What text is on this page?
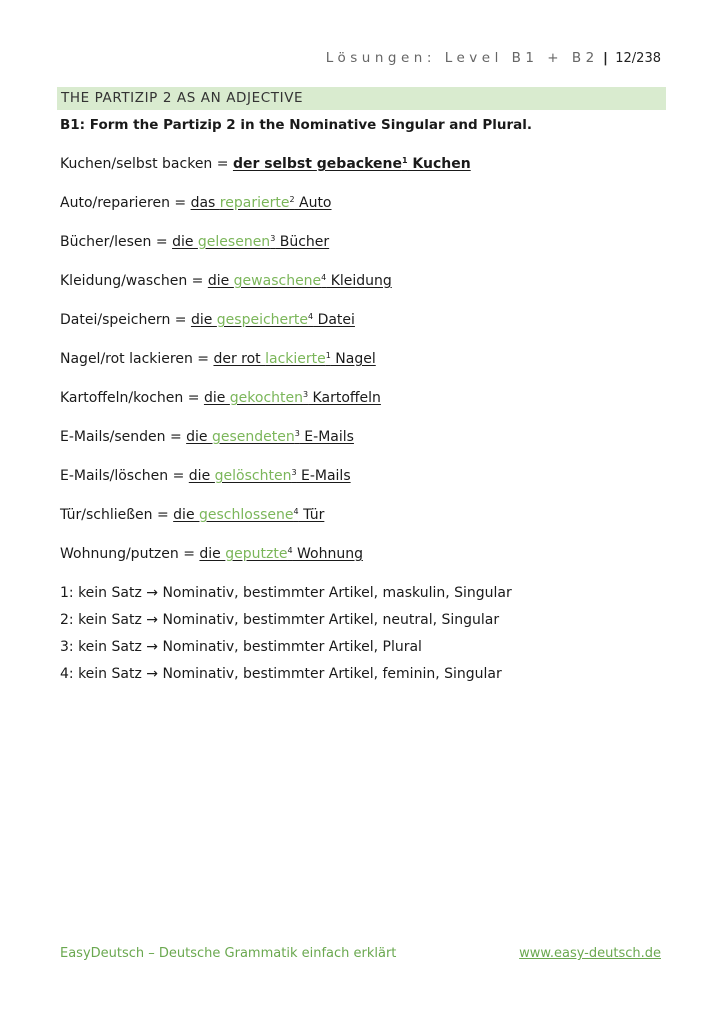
Lösungen: Level B1 + B2 | 12/238
THE PARTIZIP 2 AS AN ADJECTIVE
B1: Form the Partizip 2 in the Nominative Singular and Plural.
Kuchen/selbst backen = der selbst gebackene$^1$ Kuchen
Auto/reparieren = das reparierte$^2$ Auto
Bücher/lesen = die gelesenen$^3$ Bücher
Kleidung/waschen = die gewaschene$^4$ Kleidung
Datei/speichern = die gespeicherte$^4$ Datei
Nagel/rot lackieren = der rot lackierte$^1$ Nagel
Kartoffeln/kochen = die gekochten$^3$ Kartoffeln
E-Mails/senden = die gesendeten$^3$ E-Mails
E-Mails/löschen = die gelöschten$^3$ E-Mails
Tür/schließen = die geschlossene$^4$ Tür
Wohnung/putzen = die geputzte$^4$ Wohnung
1: kein Satz → Nominativ, bestimmter Artikel, maskulin, Singular
2: kein Satz → Nominativ, bestimmter Artikel, neutral, Singular
3: kein Satz → Nominativ, bestimmter Artikel, Plural
4: kein Satz → Nominativ, bestimmter Artikel, feminin, Singular
EasyDeutsch – Deutsche Grammatik einfach erklärt	www.easy-deutsch.de
